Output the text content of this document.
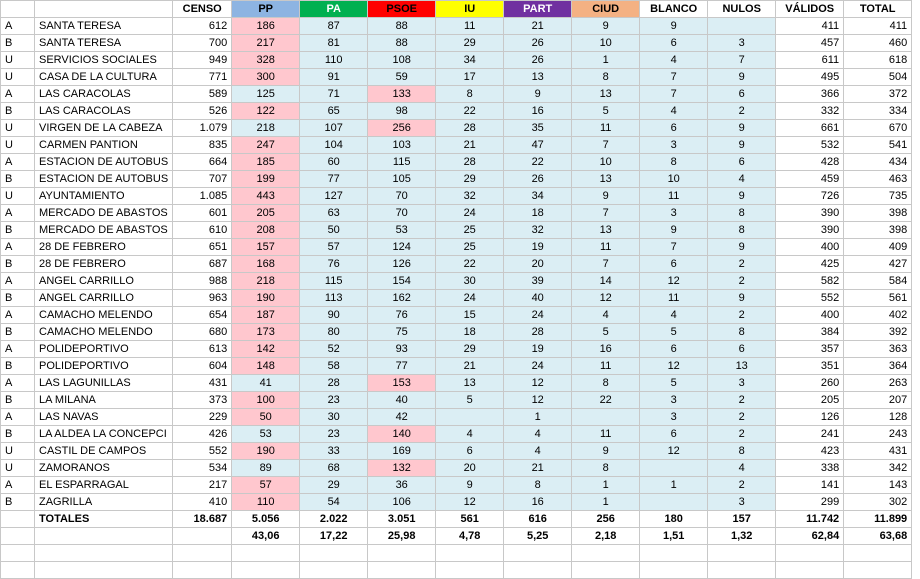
		CENSO	PP	PA	PSOE	IU	PART	CIUD	BLANCO	NULOS	VÁLIDOS	TOTAL
A	SANTA TERESA	612	186	87	88	11	21	9	9		411	411
B	SANTA TERESA	700	217	81	88	29	26	10	6	3	457	460
U	SERVICIOS SOCIALES	949	328	110	108	34	26	1	4	7	611	618
U	CASA DE LA CULTURA	771	300	91	59	17	13	8	7	9	495	504
A	LAS CARACOLAS	589	125	71	133	8	9	13	7	6	366	372
B	LAS CARACOLAS	526	122	65	98	22	16	5	4	2	332	334
U	VIRGEN DE LA CABEZA	1.079	218	107	256	28	35	11	6	9	661	670
U	CARMEN PANTION	835	247	104	103	21	47	7	3	9	532	541
A	ESTACION DE AUTOBUS	664	185	60	115	28	22	10	8	6	428	434
B	ESTACION DE AUTOBUS	707	199	77	105	29	26	13	10	4	459	463
U	AYUNTAMIENTO	1.085	443	127	70	32	34	9	11	9	726	735
A	MERCADO DE ABASTOS	601	205	63	70	24	18	7	3	8	390	398
B	MERCADO DE ABASTOS	610	208	50	53	25	32	13	9	8	390	398
A	28 DE FEBRERO	651	157	57	124	25	19	11	7	9	400	409
B	28 DE FEBRERO	687	168	76	126	22	20	7	6	2	425	427
A	ANGEL CARRILLO	988	218	115	154	30	39	14	12	2	582	584
B	ANGEL CARRILLO	963	190	113	162	24	40	12	11	9	552	561
A	CAMACHO MELENDO	654	187	90	76	15	24	4	4	2	400	402
B	CAMACHO MELENDO	680	173	80	75	18	28	5	5	8	384	392
A	POLIDEPORTIVO	613	142	52	93	29	19	16	6	6	357	363
B	POLIDEPORTIVO	604	148	58	77	21	24	11	12	13	351	364
A	LAS LAGUNILLAS	431	41	28	153	13	12	8	5	3	260	263
B	LA MILANA	373	100	23	40	5	12	22	3	2	205	207
A	LAS NAVAS	229	50	30	42		1		3	2	126	128
B	LA ALDEA LA CONCEPCI	426	53	23	140	4	4	11	6	2	241	243
U	CASTIL DE CAMPOS	552	190	33	169	6	4	9	12	8	423	431
U	ZAMORANOS	534	89	68	132	20	21	8		4	338	342
A	EL ESPARRAGAL	217	57	29	36	9	8	1	1	2	141	143
B	ZAGRILLA	410	110	54	106	12	16	1		3	299	302
	TOTALES	18.687	5.056	2.022	3.051	561	616	256	180	157	11.742	11.899
			43,06	17,22	25,98	4,78	5,25	2,18	1,51	1,32	62,84	63,68
